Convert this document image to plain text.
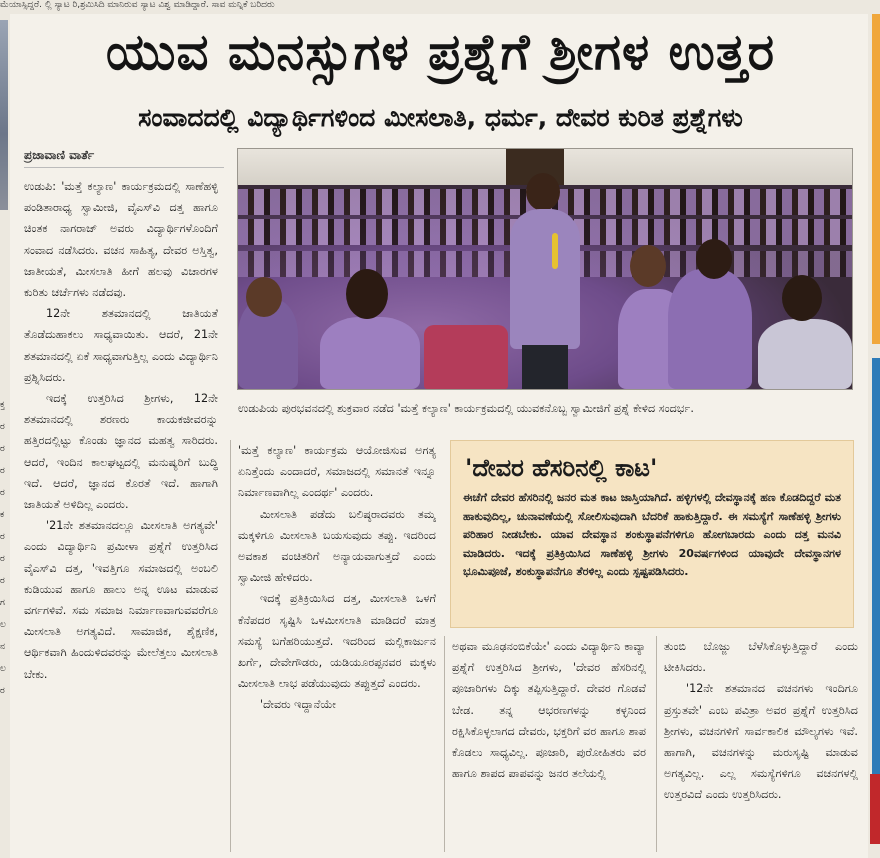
ಮೆಯಾಸ್ಸಿದ್ದರೆ. ಲ್ಲಿ ಸ್ಯಾಟ ರಿ,ಶ್ರಮಿಸಿದಿ ಮಾನಿರುವ ಸ್ಯಾಟ ವಿಶ್ವ ಮಾಡಿದ್ದಾರೆ. ಸಾವ ಮನ್ನಿಕೆ ಬರಿದರು
ಕ್ತ ರ ರ ರ ರ ಕ ರ ರ ರ ಗ ಲ ನ ಲ ರ
ಯುವ ಮನಸ್ಸುಗಳ ಪ್ರಶ್ನೆಗೆ ಶ್ರೀಗಳ ಉತ್ತರ
ಸಂವಾದದಲ್ಲಿ ವಿದ್ಯಾರ್ಥಿಗಳಿಂದ ಮೀಸಲಾತಿ, ಧರ್ಮ, ದೇವರ ಕುರಿತ ಪ್ರಶ್ನೆಗಳು
ಪ್ರಜಾವಾಣಿ ವಾರ್ತೆ

ಉಡುಪಿ: 'ಮತ್ತೆ ಕಲ್ಯಾಣ' ಕಾರ್ಯಕ್ರಮದಲ್ಲಿ ಸಾಣೆಹಳ್ಳಿ ಪಂಡಿತಾರಾಧ್ಯ ಸ್ವಾಮೀಜಿ, ವೈಎಸ್‌ವಿ ದತ್ತ ಹಾಗೂ ಚಿಂತಕ ನಾಗರಾಜ್ ಅವರು ವಿದ್ಯಾರ್ಥಿಗಳೊಂದಿಗೆ ಸಂವಾದ ನಡೆಸಿದರು. ವಚನ ಸಾಹಿತ್ಯ, ದೇವರ ಅಸ್ತಿತ್ವ, ಜಾತೀಯತೆ, ಮೀಸಲಾತಿ ಹೀಗೆ ಹಲವು ವಿಚಾರಗಳ ಕುರಿತು ಚರ್ಚೆಗಳು ನಡೆದವು.

12ನೇ ಶತಮಾನದಲ್ಲಿ ಜಾತಿಯತೆ ತೊಡೆದುಹಾಕಲು ಸಾಧ್ಯವಾಯಿತು. ಆದರೆ, 21ನೇ ಶತಮಾನದಲ್ಲಿ ಏಕೆ ಸಾಧ್ಯವಾಗುತ್ತಿಲ್ಲ ಎಂದು ವಿದ್ಯಾರ್ಥಿನಿ ಪ್ರಶ್ನಿಸಿದರು.

ಇದಕ್ಕೆ ಉತ್ತರಿಸಿದ ಶ್ರೀಗಳು, 12ನೇ ಶತಮಾನದಲ್ಲಿ ಶರಣರು ಕಾಯಕಜೀವರನ್ನು ಹತ್ತಿರದಲ್ಲಿಟ್ಟು ಕೊಂಡು ಜ್ಞಾನದ ಮಹತ್ವ ಸಾರಿದರು. ಆದರೆ, ಇಂದಿನ ಕಾಲಘಟ್ಟದಲ್ಲಿ ಮನುಷ್ಯರಿಗೆ ಬುದ್ಧಿ ಇದೆ. ಆದರೆ, ಜ್ಞಾನದ ಕೊರತೆ ಇದೆ. ಹಾಗಾಗಿ ಜಾತಿಯತೆ ಅಳಿದಿಲ್ಲ ಎಂದರು.

'21ನೇ ಶತಮಾನದಲ್ಲೂ ಮೀಸಲಾತಿ ಅಗತ್ಯವೇ' ಎಂದು ವಿದ್ಯಾರ್ಥಿನಿ ಪ್ರಮೀಳಾ ಪ್ರಶ್ನೆಗೆ ಉತ್ತರಿಸಿದ ವೈಎಸ್‌ವಿ ದತ್ತ, 'ಇವತ್ತಿಗೂ ಸಮಾಜದಲ್ಲಿ ಅಂಬಲಿ ಕುಡಿಯುವ ಹಾಗೂ ಹಾಲು ಅನ್ನ ಊಟ ಮಾಡುವ ವರ್ಗಗಳಿವೆ. ಸಮ ಸಮಾಜ ನಿರ್ಮಾಣವಾಗುವವರೆಗೂ ಮೀಸಲಾತಿ ಅಗತ್ಯವಿದೆ. ಸಾಮಾಜಿಕ, ಶೈಕ್ಷಣಿಕ, ಆರ್ಥಿಕವಾಗಿ ಹಿಂದುಳಿದವರನ್ನು ಮೇಲೆತ್ತಲು ಮೀಸಲಾತಿ ಬೇಕು.

ಉಡುಪಿಯ ಪುರಭವನದಲ್ಲಿ ಶುಕ್ರವಾರ ನಡೆದ 'ಮತ್ತೆ ಕಲ್ಯಾಣ' ಕಾರ್ಯಕ್ರಮದಲ್ಲಿ ಯುವಕನೊಬ್ಬ ಸ್ವಾಮೀಜಿಗೆ ಪ್ರಶ್ನೆ ಕೇಳಿದ ಸಂದರ್ಭ.

'ಮತ್ತೆ ಕಲ್ಯಾಣ' ಕಾರ್ಯಕ್ರಮ ಆಯೋಜಿಸುವ ಅಗತ್ಯ ಏನಿತ್ತೆಂದು ಎಂದಾದರೆ, ಸಮಾಜದಲ್ಲಿ ಸಮಾನತೆ ಇನ್ನೂ ನಿರ್ಮಾಣವಾಗಿಲ್ಲ ಎಂದರ್ಥ' ಎಂದರು.

ಮೀಸಲಾತಿ ಪಡೆದು ಬಲಿಷ್ಠರಾದವರು ತಮ್ಮ ಮಕ್ಕಳಿಗೂ ಮೀಸಲಾತಿ ಬಯಸುವುದು ತಪ್ಪು. ಇದರಿಂದ ಅವಕಾಶ ವಂಚಿತರಿಗೆ ಅನ್ಯಾಯವಾಗುತ್ತದೆ ಎಂದು ಸ್ವಾಮೀಜಿ ಹೇಳಿದರು.

ಇದಕ್ಕೆ ಪ್ರತಿಕ್ರಿಯಿಸಿದ ದತ್ತ, ಮೀಸಲಾತಿ ಒಳಗೆ ಕೆನೆಪದರ ಸೃಷ್ಟಿಸಿ ಒಳಮೀಸಲಾತಿ ಮಾಡಿದರೆ ಮಾತ್ರ ಸಮಸ್ಯೆ ಬಗೆಹರಿಯುತ್ತದೆ. ಇದರಿಂದ ಮಲ್ಲಿಕಾರ್ಜುನ ಖರ್ಗೆ, ದೇವೇಗೌಡರು, ಯಡಿಯೂರಪ್ಪನವರ ಮಕ್ಕಳು ಮೀಸಲಾತಿ ಲಾಭ ಪಡೆಯುವುದು ತಪ್ಪುತ್ತದೆ ಎಂದರು.

'ದೇವರು ಇದ್ದಾನೆಯೇ

'ದೇವರ ಹೆಸರಿನಲ್ಲಿ ಕಾಟ'

ಈಚೆಗೆ ದೇವರ ಹೆಸರಿನಲ್ಲಿ ಜನರ ಮತ ಕಾಟ ಜಾಸ್ತಿಯಾಗಿದೆ. ಹಳ್ಳಿಗಳಲ್ಲಿ ದೇವಸ್ಥಾನಕ್ಕೆ ಹಣ ಕೊಡದಿದ್ದರೆ ಮತ ಹಾಕುವುದಿಲ್ಲ, ಚುನಾವಣೆಯಲ್ಲಿ ಸೋಲಿಸುವುದಾಗಿ ಬೆದರಿಕೆ ಹಾಕುತ್ತಿದ್ದಾರೆ. ಈ ಸಮಸ್ಯೆಗೆ ಸಾಣೆಹಳ್ಳಿ ಶ್ರೀಗಳು ಪರಿಹಾರ ನೀಡಬೇಕು. ಯಾವ ದೇವಸ್ಥಾನ ಶಂಕುಸ್ಥಾಪನೆಗಳಿಗೂ ಹೋಗಬಾರದು ಎಂದು ದತ್ತ ಮನವಿ ಮಾಡಿದರು. ಇದಕ್ಕೆ ಪ್ರತಿಕ್ರಿಯಿಸಿದ ಸಾಣೆಹಳ್ಳಿ ಶ್ರೀಗಳು 20ವರ್ಷಗಳಿಂದ ಯಾವುದೇ ದೇವಸ್ಥಾನಗಳ ಭೂಮಿಪೂಜೆ, ಶಂಕುಸ್ಥಾಪನೆಗೂ ತೆರಳಿಲ್ಲ ಎಂದು ಸ್ಪಷ್ಟಪಡಿಸಿದರು.

ಅಥವಾ ಮೂಢನಂಬಿಕೆಯೇ' ಎಂದು ವಿದ್ಯಾರ್ಥಿನಿ ಕಾವ್ಯಾ ಪ್ರಶ್ನೆಗೆ ಉತ್ತರಿಸಿದ ಶ್ರೀಗಳು, 'ದೇವರ ಹೆಸರಿನಲ್ಲಿ ಪೂಜಾರಿಗಳು ದಿಕ್ಕು ತಪ್ಪಿಸುತ್ತಿದ್ದಾರೆ. ದೇವರ ಗೊಡವೆ ಬೇಡ. ತನ್ನ ಆಭರಣಗಳನ್ನು ಕಳ್ಳನಿಂದ ರಕ್ಷಿಸಿಕೊಳ್ಳಲಾಗದ ದೇವರು, ಭಕ್ತರಿಗೆ ವರ ಹಾಗೂ ಶಾಪ ಕೊಡಲು ಸಾಧ್ಯವಿಲ್ಲ. ಪೂಜಾರಿ, ಪುರೋಹಿತರು ವರ ಹಾಗೂ ಶಾಪದ ಪಾಪವನ್ನು ಜನರ ತಲೆಯಲ್ಲಿ

ತುಂಬಿ ಬೊಜ್ಜು ಬೆಳೆಸಿಕೊಳ್ಳುತ್ತಿದ್ದಾರೆ ಎಂದು ಟೀಕಿಸಿದರು.

'12ನೇ ಶತಮಾನದ ವಚನಗಳು ಇಂದಿಗೂ ಪ್ರಸ್ತುತವೇ' ಎಂಬ ಪವಿತ್ರಾ ಅವರ ಪ್ರಶ್ನೆಗೆ ಉತ್ತರಿಸಿದ ಶ್ರೀಗಳು, ವಚನಗಳಿಗೆ ಸಾರ್ವಕಾಲಿಕ ಮೌಲ್ಯಗಳು ಇವೆ. ಹಾಗಾಗಿ, ವಚನಗಳನ್ನು ಮರುಸೃಷ್ಟಿ ಮಾಡುವ ಅಗತ್ಯವಿಲ್ಲ. ಎಲ್ಲ ಸಮಸ್ಯೆಗಳಿಗೂ ವಚನಗಳಲ್ಲಿ ಉತ್ತರವಿದೆ ಎಂದು ಉತ್ತರಿಸಿದರು.
